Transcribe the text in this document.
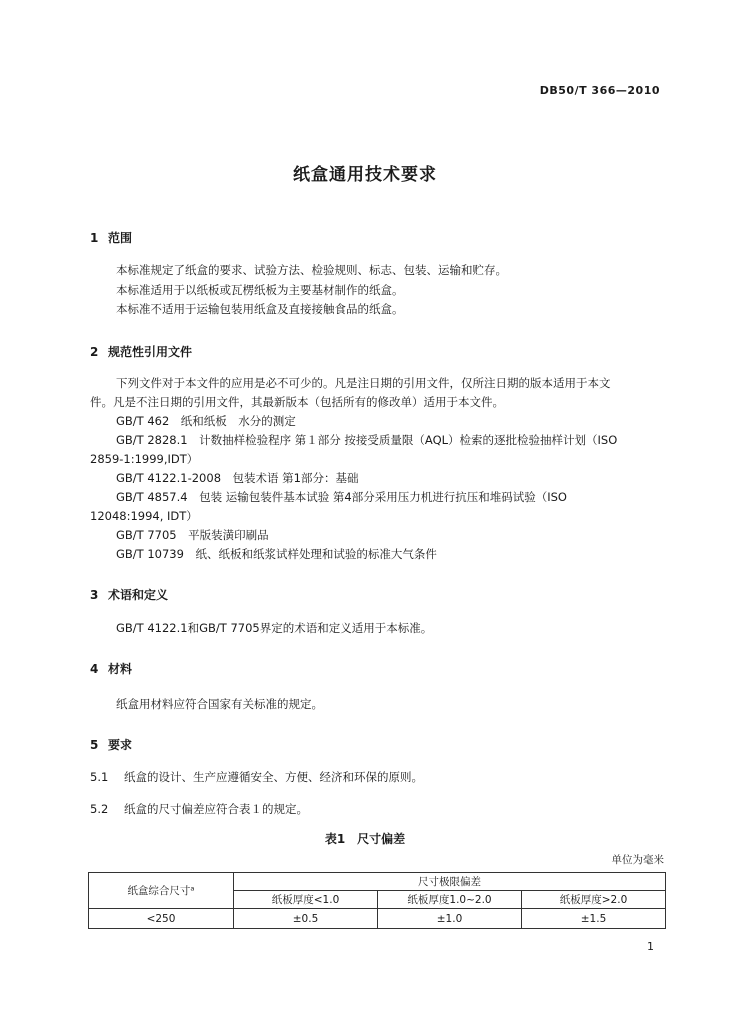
DB50/T 366—2010
纸盒通用技术要求
1 范围
本标准规定了纸盒的要求、试验方法、检验规则、标志、包装、运输和贮存。
本标准适用于以纸板或瓦楞纸板为主要基材制作的纸盒。
本标准不适用于运输包装用纸盒及直接接触食品的纸盒。
2 规范性引用文件
下列文件对于本文件的应用是必不可少的。凡是注日期的引用文件，仅所注日期的版本适用于本文
件。凡是不注日期的引用文件，其最新版本（包括所有的修改单）适用于本文件。
GB/T 462　纸和纸板　水分的测定
GB/T 2828.1　计数抽样检验程序 第１部分 按接受质量限（AQL）检索的逐批检验抽样计划（ISO
2859-1:1999,IDT）
GB/T 4122.1-2008　包装术语 第1部分：基础
GB/T 4857.4　包装 运输包装件基本试验 第4部分采用压力机进行抗压和堆码试验（ISO
12048:1994, IDT）
GB/T 7705　平版装潢印刷品
GB/T 10739　纸、纸板和纸浆试样处理和试验的标准大气条件
3 术语和定义
GB/T 4122.1和GB/T 7705界定的术语和定义适用于本标准。
4 材料
纸盒用材料应符合国家有关标准的规定。
5 要求
5.1 纸盒的设计、生产应遵循安全、方便、经济和环保的原则。
5.2 纸盒的尺寸偏差应符合表１的规定。
表1　尺寸偏差
单位为毫米
纸盒综合尺寸ᵃ	尺寸极限偏差		
	纸板厚度<1.0	纸板厚度1.0~2.0	纸板厚度>2.0
<250	±0.5	±1.0	±1.5
1
